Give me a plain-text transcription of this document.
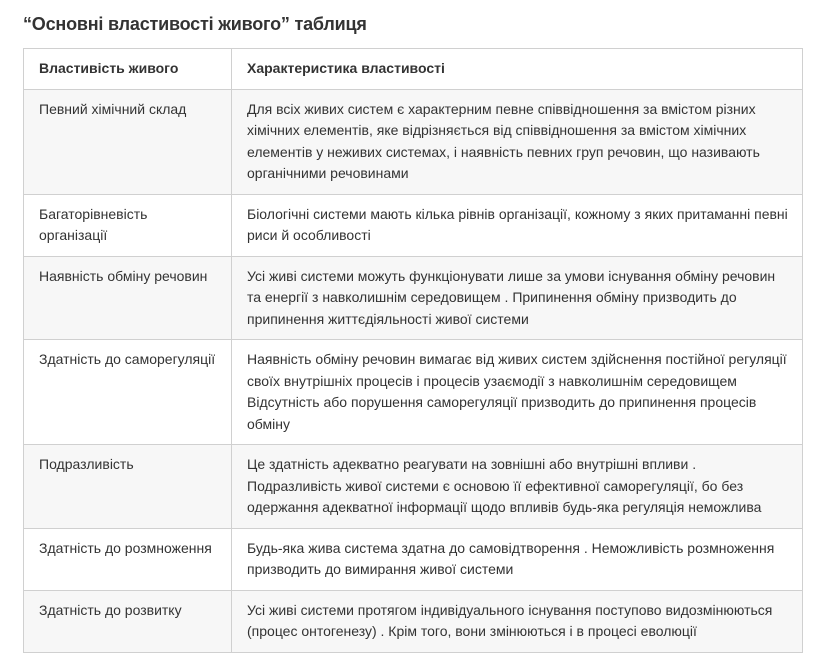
“Основні властивості живого” таблиця
Властивість живого	Характеристика властивості
Певний хімічний склад	Для всіх живих систем є характерним певне співвідношення за вмістом різних хімічних елементів, яке відрізняється від співвідношення за вмістом хімічних елементів у неживих системах, і наявність певних груп речовин, що називають органічними речовинами
Багаторівневість організації	Біологічні системи мають кілька рівнів організації, кожному з яких притаманні певні риси й особливості
Наявність обміну речовин	Усі живі системи можуть функціонувати лише за умови існування обміну речовин та енергії з навколишнім середовищем . Припинення обміну призводить до припинення життєдіяльності живої системи
Здатність до саморегуляції	Наявність обміну речовин вимагає від живих систем здійснення постійної регуляції своїх внутрішніх процесів і процесів узаємодії з навколишнім середовищем Відсутність або порушення саморегуляції призводить до припинення процесів обміну
Подразливість	Це здатність адекватно реагувати на зовнішні або внутрішні впливи . Подразливість живої системи є основою її ефективної саморегуляції, бо без одержання адекватної інформації щодо впливів будь-яка регуляція неможлива
Здатність до розмноження	Будь-яка жива система здатна до самовідтворення . Неможливість розмноження призводить до вимирання живої системи
Здатність до розвитку	Усі живі системи протягом індивідуального існування поступово видозмінюються (процес онтогенезу) . Крім того, вони змінюються і в процесі еволюції
